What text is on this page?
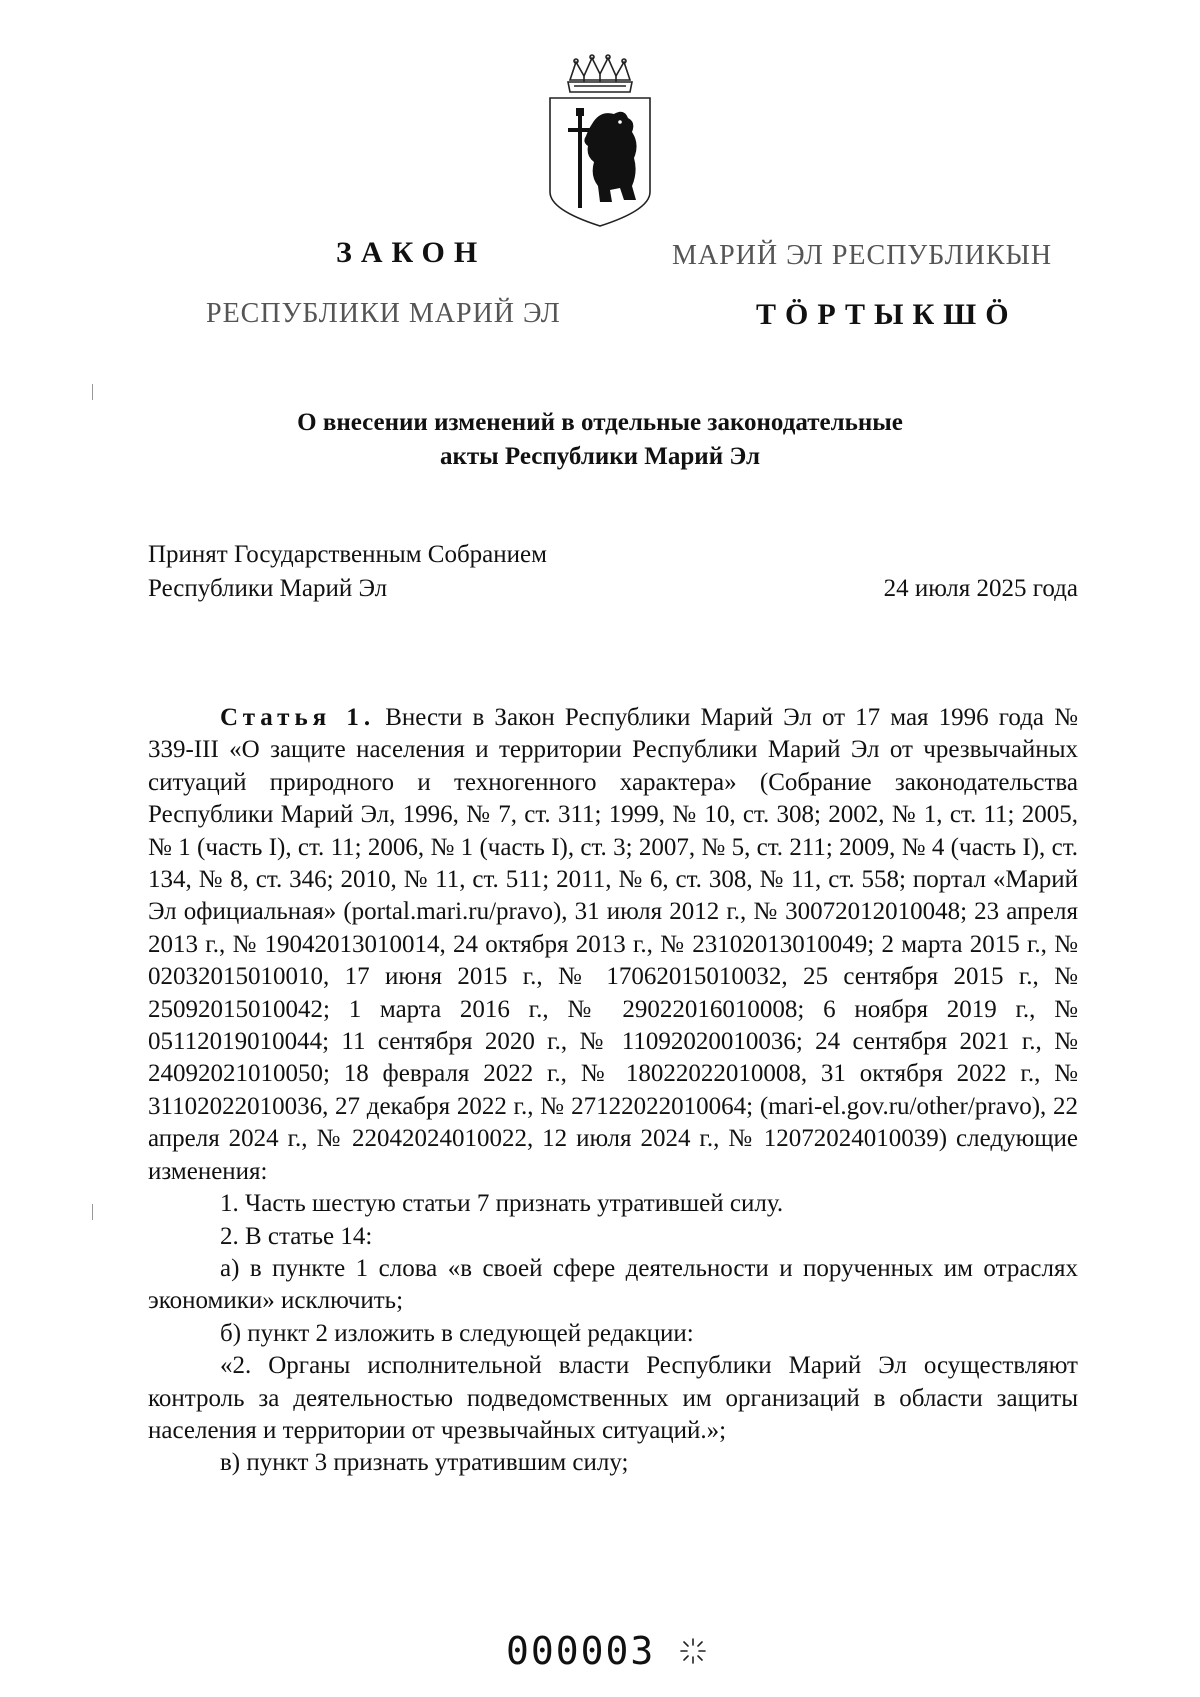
ЗАКОН
РЕСПУБЛИКИ МАРИЙ ЭЛ
МАРИЙ ЭЛ РЕСПУБЛИКЫН
ТӦРТЫКШӦ
О внесении изменений в отдельные законодательные
акты Республики Марий Эл
Принят Государственным Собранием
Республики Марий Эл	24 июля 2025 года

Статья 1. Внести в Закон Республики Марий Эл от 17 мая 1996 года № 339-III «О защите населения и территории Республики Марий Эл от чрезвычайных ситуаций природного и техногенного характера» (Собрание законодательства Республики Марий Эл, 1996, № 7, ст. 311; 1999, № 10, ст. 308; 2002, № 1, ст. 11; 2005, № 1 (часть I), ст. 11; 2006, № 1 (часть I), ст. 3; 2007, № 5, ст. 211; 2009, № 4 (часть I), ст. 134, № 8, ст. 346; 2010, № 11, ст. 511; 2011, № 6, ст. 308, № 11, ст. 558; портал «Марий Эл официальная» (portal.mari.ru/pravo), 31 июля 2012 г., № 30072012010048; 23 апреля 2013 г., № 19042013010014, 24 октября 2013 г., № 23102013010049; 2 марта 2015 г., № 02032015010010, 17 июня 2015 г., № 17062015010032, 25 сентября 2015 г., № 25092015010042; 1 марта 2016 г., № 29022016010008; 6 ноября 2019 г., № 05112019010044; 11 сентября 2020 г., № 11092020010036; 24 сентября 2021 г., № 24092021010050; 18 февраля 2022 г., № 18022022010008, 31 октября 2022 г., № 31102022010036, 27 декабря 2022 г., № 27122022010064; (mari-el.gov.ru/other/pravo), 22 апреля 2024 г., № 22042024010022, 12 июля 2024 г., № 12072024010039) следующие изменения:

1. Часть шестую статьи 7 признать утратившей силу.

2. В статье 14:

а) в пункте 1 слова «в своей сфере деятельности и порученных им отраслях экономики» исключить;

б) пункт 2 изложить в следующей редакции:

«2. Органы исполнительной власти Республики Марий Эл осуществляют контроль за деятельностью подведомственных им организаций в области защиты населения и территории от чрезвычайных ситуаций.»;

в) пункт 3 признать утратившим силу;

000003
